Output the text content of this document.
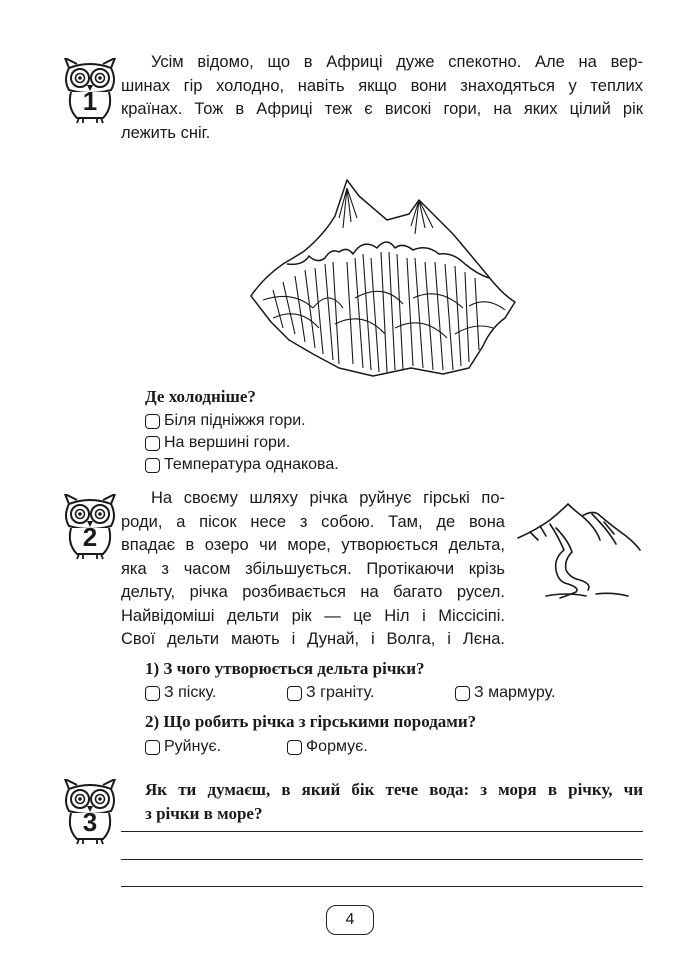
1
Усім відомо, що в Африці дуже спекотно. Але на вер-
шинах гір холодно, навіть якщо вони знаходяться у теплих
країнах. Тож в Африці теж є високі гори, на яких цілий рік
лежить сніг.
Де холодніше?
Біля підніжжя гори.
На вершині гори.
Температура однакова.
2
На своєму шляху річка руйнує гірські по-
роди, а пісок несе з собою. Там, де вона
впадає в озеро чи море, утворюється дельта,
яка з часом збільшується. Протікаючи крізь
дельту, річка розбивається на багато русел.
Найвідоміші дельти рік — це Ніл і Міссісіпі.
Свої дельти мають і Дунай, і Волга, і Лєна.
1) З чого утворюється дельта річки?
З піску.	З граніту.	З мармуру.
2) Що робить річка з гірськими породами?
Руйнує.	Формує.
3
Як ти думаєш, в який бік тече вода: з моря в річку, чи
з річки в море?
4
